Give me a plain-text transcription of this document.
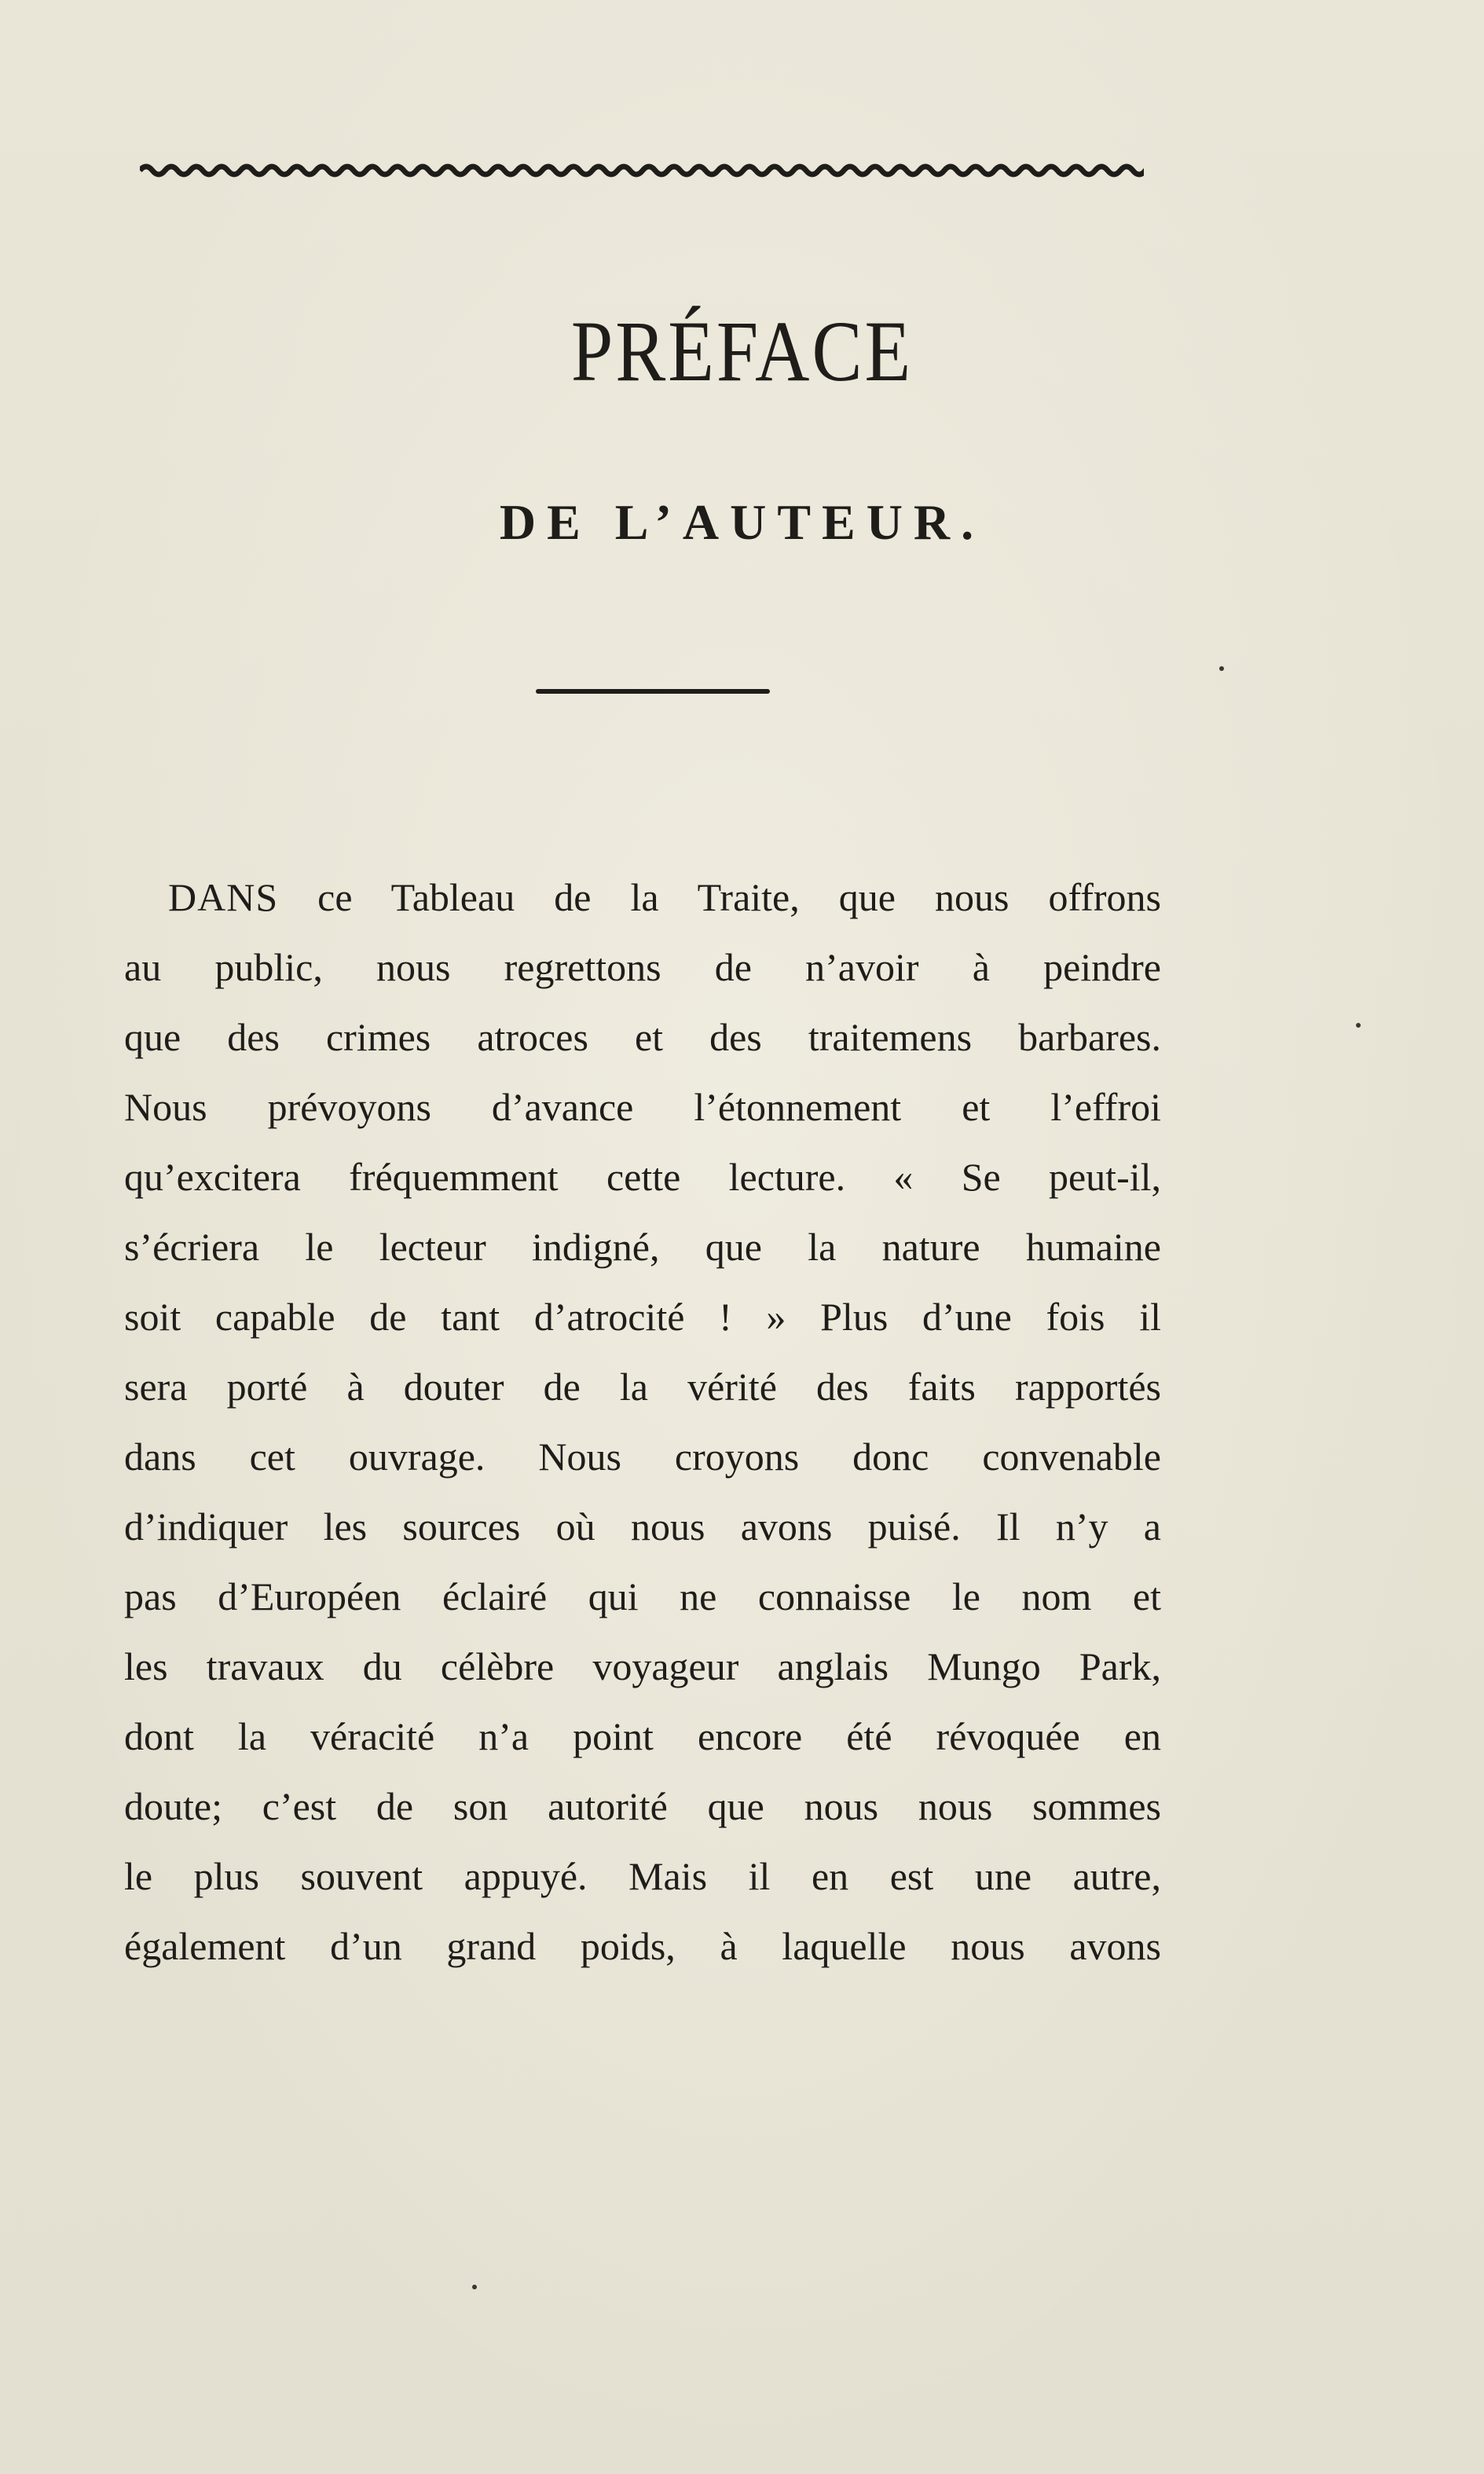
PRÉFACE
DE L’AUTEUR.
DANS ce Tableau de la Traite, que nous offrons
au public, nous regrettons de n’avoir à peindre
que des crimes atroces et des traitemens barbares.
Nous prévoyons d’avance l’étonnement et l’effroi
qu’excitera fréquemment cette lecture. « Se peut-il,
s’écriera le lecteur indigné, que la nature humaine
soit capable de tant d’atrocité ! » Plus d’une fois il
sera porté à douter de la vérité des faits rapportés
dans cet ouvrage. Nous croyons donc convenable
d’indiquer les sources où nous avons puisé. Il n’y a
pas d’Européen éclairé qui ne connaisse le nom et
les travaux du célèbre voyageur anglais Mungo Park,
dont la véracité n’a point encore été révoquée en
doute; c’est de son autorité que nous nous sommes
le plus souvent appuyé. Mais il en est une autre,
également d’un grand poids, à laquelle nous avons
